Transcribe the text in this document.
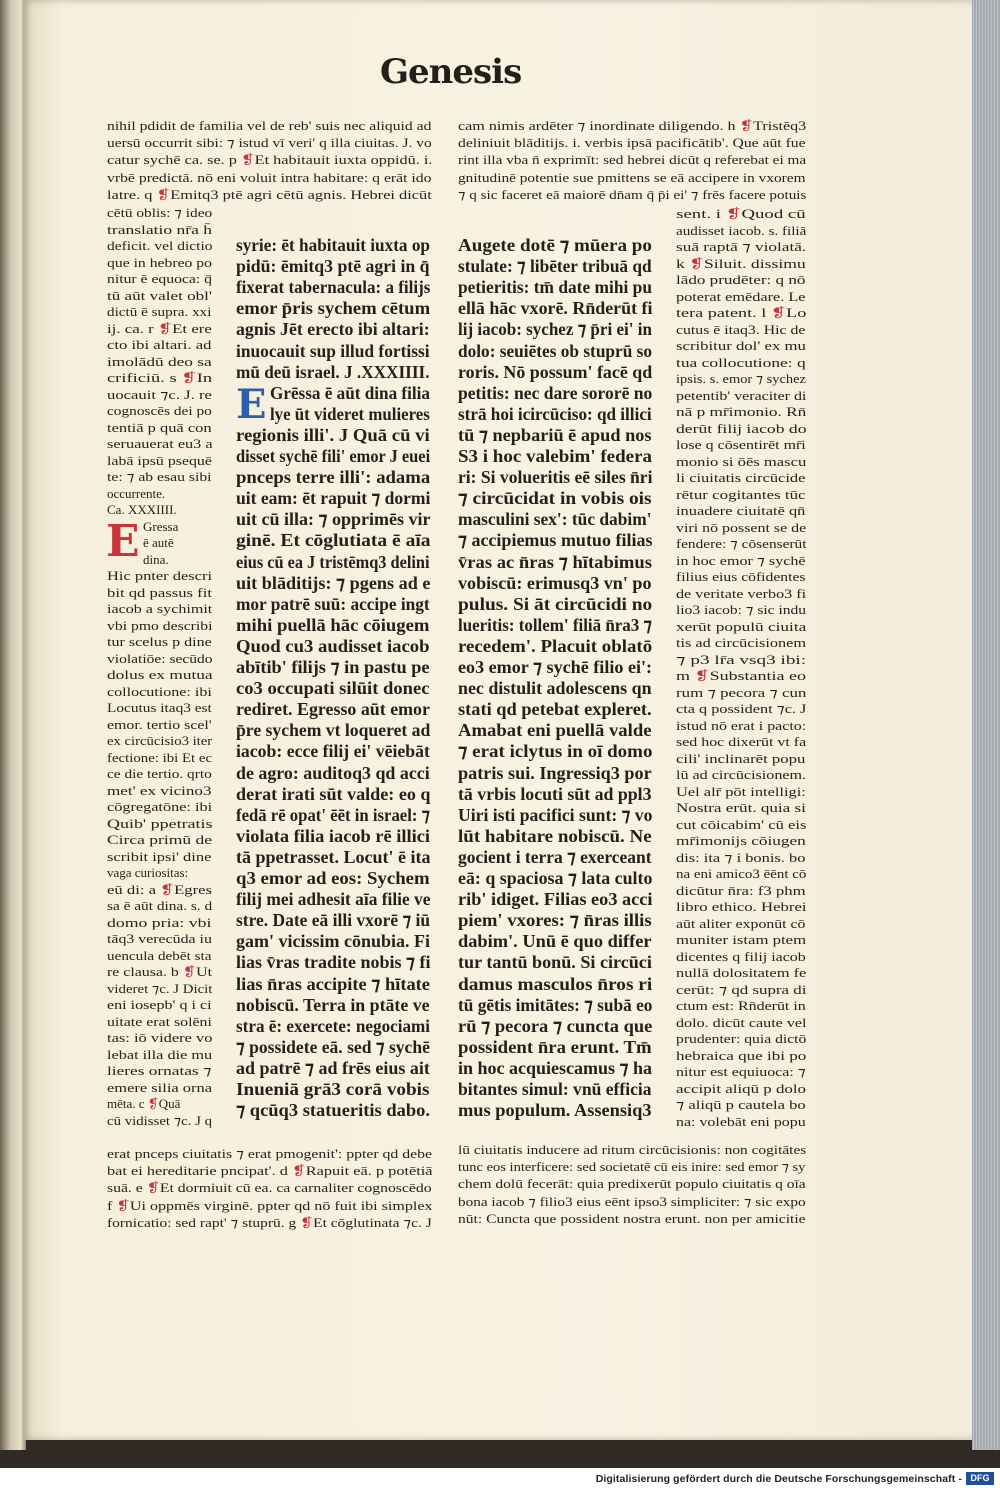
Genesis
nihil pdidit de familia vel de reb' suis nec aliquid ad
uersū occurrit sibi: ⁊ istud vī veri' q illa ciuitas. J. vo
catur sychē ca. se. p ❡Et habitauit iuxta oppidū. i.
vrbē predictā. nō eni voluit intra habitare: q erāt ido
latre. q ❡Emitq3 ptē agri cētū agnis. Hebrei dicūt
cam nimis ardēter ⁊ inordinate diligendo. h ❡Tristēq3
deliniuit blāditijs. i. verbis ipsā pacificātib'. Que aūt fue
rint illa vba n̄ exprimīt: sed hebrei dicūt q referebat ei ma
gnitudinē potentie sue pmittens se eā accipere in vxorem
⁊ q sic faceret eā maiorē dn̄am q̄ p̄i ei' ⁊ frēs facere potuis
cētū oblis: ⁊ ideo
translatio nr̄a h̄
deficit. vel dictio
que in hebreo po
nitur ē equoca: q̄
tū aūt valet obl'
dictū ē supra. xxi
ij. ca. r ❡Et ere
cto ibi altari. ad
imolādū deo sa
crificiū. s ❡In
uocauit ⁊c. J. re
cognoscēs dei po
tentiā p quā con
seruauerat eu3 a
labā ipsū psequē
te: ⁊ ab esau sibi
occurrente.
Ca. XXXIIII.
Gressa
ē autē
dina.
Hic pnter descri
bit qd passus fit
iacob a sychimit
vbi pmo describi
tur scelus p dine
violatiōe: secūdo
dolus ex mutua
collocutione: ibi
Locutus itaq3 est
emor. tertio scel'
ex circūcisio3 iter
fectione: ibi Et ec
ce die tertio. qrto
met' ex vicino3
cōgregatōne: ibi
Quib' ppetratis
Circa primū de
scribit ipsi' dine
vaga curiositas:
eū di: a ❡Egres
sa ē aūt dina. s. d
domo pria: vbi
tāq3 verecūda iu
uencula debēt sta
re clausa. b ❡Ut
videret ⁊c. J Dicit
eni iosepb' q i ci
uitate erat solēni
tas: iō videre vo
lebat illa die mu
lieres ornatas ⁊
emere silia orna
mēta. c ❡Quā
cū vidisset ⁊c. J q
syrie: ēt habitauit iuxta op
pidū: ēmitq3 ptē agri in q̄
fixerat tabernacula: a filijs
emor p̄ris sychem cētum
agnis Jēt erecto ibi altari:
inuocauit sup illud fortissi
mū deū israel. J .XXXIIII.
Grēssa ē aūt dina filia
lye ūt videret mulieres
regionis illi'. J Quā cū vi
disset sychē fili' emor J euei
pnceps terre illi': adama
uit eam: ēt rapuit ⁊ dormi
uit cū illa: ⁊ opprimēs vir
ginē. Et cōglutiata ē aīa
eius cū ea J tristēmq3 delini
uit blāditijs: ⁊ pgens ad e
mor patrē suū: accipe ingt
mihi puellā hāc cōiugem
Quod cu3 audisset iacob
abītib' filijs ⁊ in pastu pe
co3 occupati silūit donec
rediret. Egresso aūt emor
p̄re sychem vt loqueret ad
iacob: ecce filij ei' vēiebāt
de agro: auditoq3 qd acci
derat irati sūt valde: eo q
fedā rē opat' ēēt in israel: ⁊
violata filia iacob rē illici
tā ppetrasset. Locut' ē ita
q3 emor ad eos: Sychem
filij mei adhesit aīa filie ve
stre. Date eā illi vxorē ⁊ iū
gam' vicissim cōnubia. Fi
lias v̄ras tradite nobis ⁊ fi
lias n̄ras accipite ⁊ hītate
nobiscū. Terra in ptāte ve
stra ē: exercete: negociami
⁊ possidete eā. sed ⁊ sychē
ad patrē ⁊ ad frēs eius ait
Inueniā grā3 corā vobis
⁊ qcūq3 statueritis dabo.
Augete dotē ⁊ mūera po
stulate: ⁊ libēter tribuā qd
petieritis: tm̄ date mihi pu
ellā hāc vxorē. Rn̄derūt fi
lij iacob: sychez ⁊ p̄ri ei' in
dolo: seuiētes ob stuprū so
roris. Nō possum' facē qd
petitis: nec dare sororē no
strā hoi icircūciso: qd illici
tū ⁊ nepbariū ē apud nos
S3 i hoc valebim' federa
ri: Si volueritis eē siles n̄ri
⁊ circūcidat in vobis ois
masculini sex': tūc dabim'
⁊ accipiemus mutuo filias
v̄ras ac n̄ras ⁊ hītabimus
vobiscū: erimusq3 vn' po
pulus. Si āt circūcidi no
lueritis: tollem' filiā n̄ra3 ⁊
recedem'. Placuit oblatō
eo3 emor ⁊ sychē filio ei':
nec distulit adolescens qn
stati qd petebat expleret.
Amabat eni puellā valde
⁊ erat iclytus in oī domo
patris sui. Ingressiq3 por
tā vrbis locuti sūt ad ppl3
Uiri isti pacifici sunt: ⁊ vo
lūt habitare nobiscū. Ne
gocient i terra ⁊ exerceant
eā: q spaciosa ⁊ lata culto
rib' idiget. Filias eo3 acci
piem' vxores: ⁊ n̄ras illis
dabim'. Unū ē quo differ
tur tantū bonū. Si circūci
damus masculos n̄ros ri
tū gētis imitātes: ⁊ subā eo
rū ⁊ pecora ⁊ cuncta que
possident n̄ra erunt. Tm̄
in hoc acquiescamus ⁊ ha
bitantes simul: vnū efficia
mus populum. Assensiq3
sent. i ❡Quod cū
audisset iacob. s. filiā
suā raptā ⁊ violatā.
k ❡Siluit. dissimu
lādo prudēter: q nō
poterat emēdare. Le
tera patent. l ❡Lo
cutus ē itaq3. Hic de
scribitur dol' ex mu
tua collocutione: q
ipsis. s. emor ⁊ sychez
petentib' veraciter di
nā p mr̄imonio. Rn̄
derūt filij iacob do
lose q cōsentirēt mr̄i
monio si ōēs mascu
li ciuitatis circūcide
rētur cogitantes tūc
inuadere ciuitatē qn̄
viri nō possent se de
fendere: ⁊ cōsenserūt
in hoc emor ⁊ sychē
filius eius cōfidentes
de veritate verbo3 fi
lio3 iacob: ⁊ sic indu
xerūt populū ciuita
tis ad circūcisionem
⁊ p3 lr̄a vsq3 ibi:
m ❡Substantia eo
rum ⁊ pecora ⁊ cun
cta q possident ⁊c. J
istud nō erat i pacto:
sed hoc dixerūt vt fa
cili' inclinarēt popu
lū ad circūcisionem.
Uel alr̄ pōt intelligi:
Nostra erūt. quia si
cut cōicabim' cū eis
mr̄imonijs cōiugen
dis: ita ⁊ i bonis. bo
na eni amico3 ēēnt cō
dicūtur n̄ra: f3 phm
libro ethico. Hebrei
aūt aliter exponūt cō
muniter istam ptem
dicentes q filij iacob
nullā dolositatem fe
cerūt: ⁊ qd supra di
ctum est: Rn̄derūt in
dolo. dicūt caute vel
prudenter: quia dictō
hebraica que ibi po
nitur est equiuoca: ⁊
accipit aliqū p dolo
⁊ aliqū p cautela bo
na: volebāt eni popu
erat pnceps ciuitatis ⁊ erat pmogenit': ppter qd debe
bat ei hereditarie pncipat'. d ❡Rapuit eā. p potētiā
suā. e ❡Et dormiuit cū ea. ca carnaliter cognoscēdo
f ❡Ui oppmēs virginē. ppter qd nō fuit ibi simplex
fornicatio: sed rapt' ⁊ stuprū. g ❡Et cōglutinata ⁊c. J
lū ciuitatis inducere ad ritum circūcisionis: non cogitātes
tunc eos interficere: sed societatē cū eis inire: sed emor ⁊ sy
chem dolū fecerāt: quia predixerūt populo ciuitatis q oīa
bona iacob ⁊ filio3 eius eēnt ipso3 simpliciter: ⁊ sic expo
nūt: Cuncta que possident nostra erunt. non per amicitie
E
E
Digitalisierung gefördert durch die Deutsche Forschungsgemeinschaft - DFG
